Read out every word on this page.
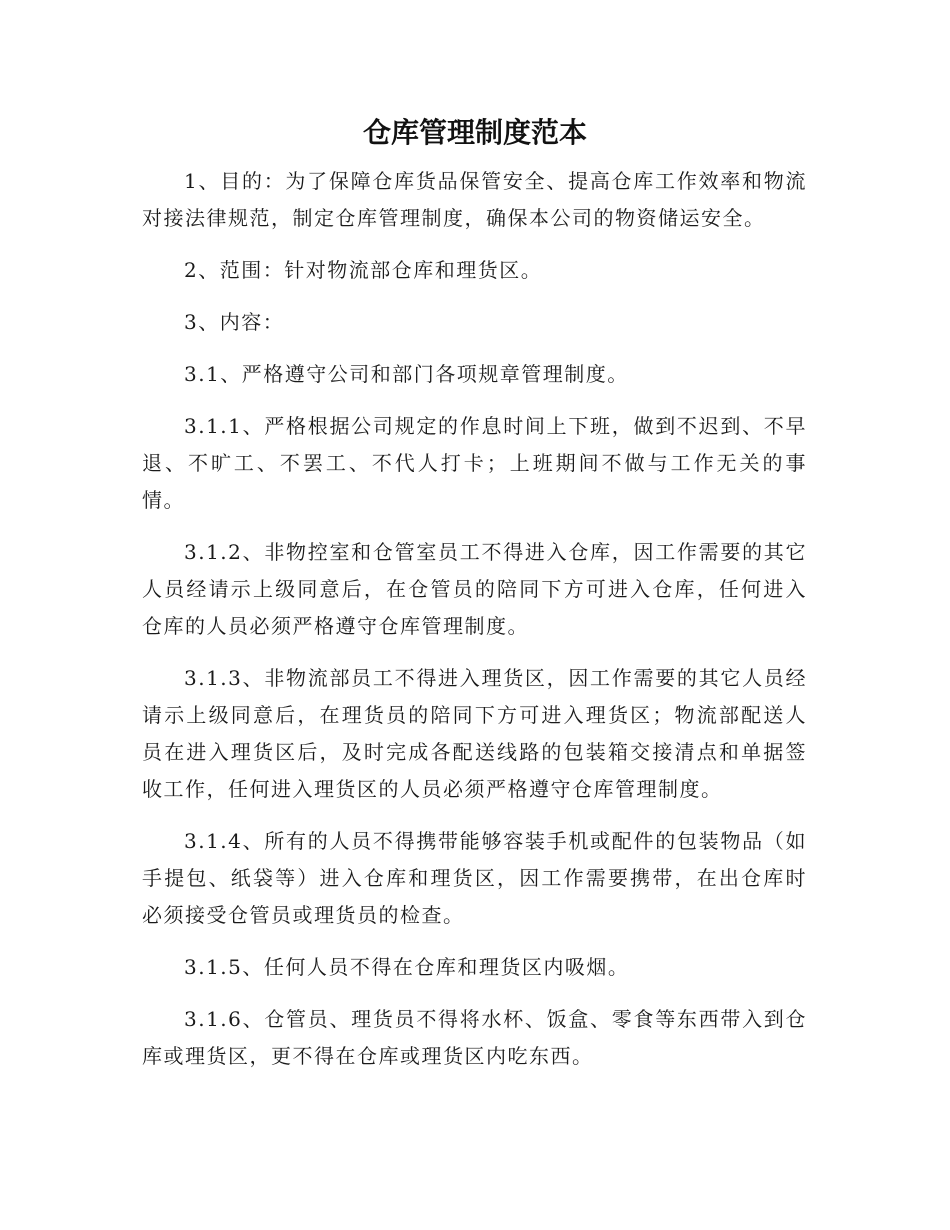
仓库管理制度范本

1、目的：为了保障仓库货品保管安全、提高仓库工作效率和物流对接法律规范，制定仓库管理制度，确保本公司的物资储运安全。

2、范围：针对物流部仓库和理货区。

3、内容：

3.1、严格遵守公司和部门各项规章管理制度。

3.1.1、严格根据公司规定的作息时间上下班，做到不迟到、不早退、不旷工、不罢工、不代人打卡；上班期间不做与工作无关的事情。

3.1.2、非物控室和仓管室员工不得进入仓库，因工作需要的其它人员经请示上级同意后，在仓管员的陪同下方可进入仓库，任何进入仓库的人员必须严格遵守仓库管理制度。

3.1.3、非物流部员工不得进入理货区，因工作需要的其它人员经请示上级同意后，在理货员的陪同下方可进入理货区；物流部配送人员在进入理货区后，及时完成各配送线路的包装箱交接清点和单据签收工作，任何进入理货区的人员必须严格遵守仓库管理制度。

3.1.4、所有的人员不得携带能够容装手机或配件的包装物品（如手提包、纸袋等）进入仓库和理货区，因工作需要携带，在出仓库时必须接受仓管员或理货员的检查。

3.1.5、任何人员不得在仓库和理货区内吸烟。

3.1.6、仓管员、理货员不得将水杯、饭盒、零食等东西带入到仓库或理货区，更不得在仓库或理货区内吃东西。
